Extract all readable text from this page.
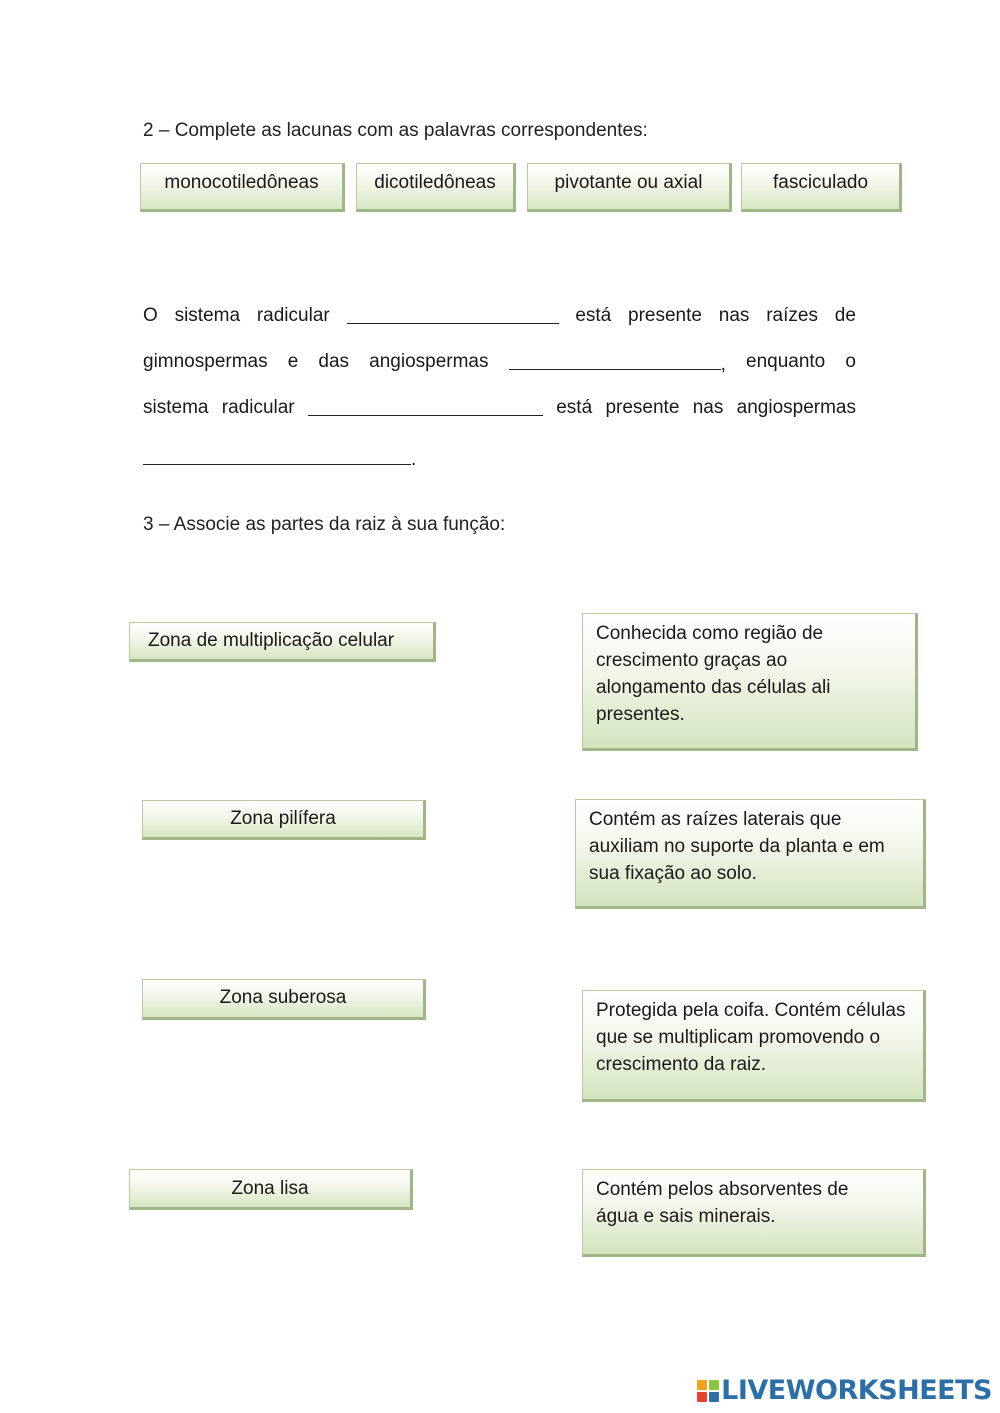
2 – Complete as lacunas com as palavras correspondentes:
monocotiledôneas	dicotiledôneas	pivotante ou axial	fasciculado
O sistema radicular	está presente nas raízes de
gimnospermas e das angiospermas	, enquanto o
sistema radicular	está presente nas angiospermas
.
3 – Associe as partes da raiz à sua função:
Zona de multiplicação celular
Zona pilífera
Zona suberosa
Zona lisa
Conhecida como região de crescimento graças ao alongamento das células ali presentes.
Contém as raízes laterais que auxiliam no suporte da planta e em sua fixação ao solo.
Protegida pela coifa. Contém células que se multiplicam promovendo o crescimento da raiz.
Contém pelos absorventes de água e sais minerais.
LIVEWORKSHEETS
